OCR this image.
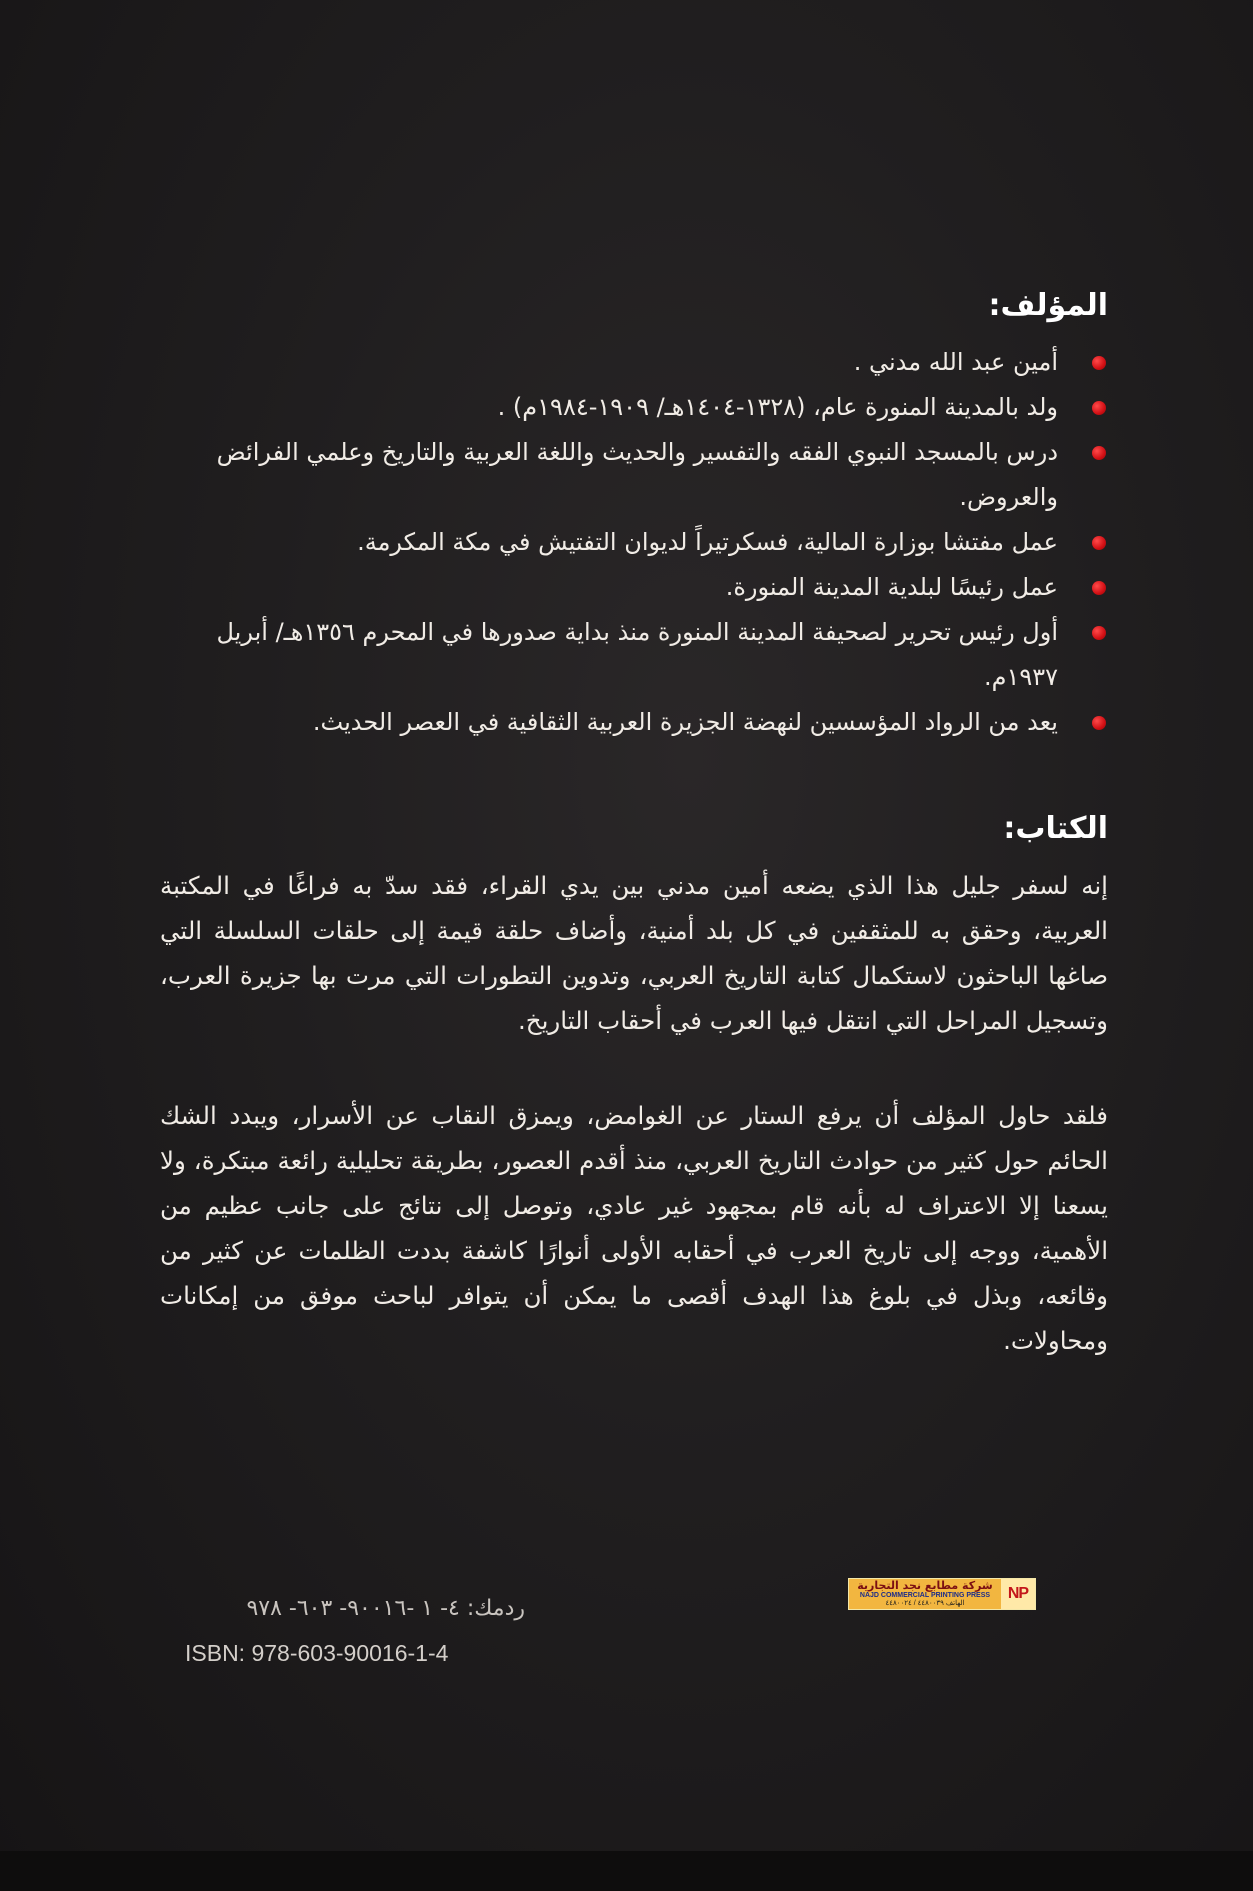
المؤلف:
أمين عبد الله مدني .
ولد بالمدينة المنورة عام، (١٣٢٨-١٤٠٤هـ/ ١٩٠٩-١٩٨٤م) .
درس بالمسجد النبوي الفقه والتفسير والحديث واللغة العربية والتاريخ وعلمي الفرائض والعروض.
عمل مفتشا بوزارة المالية، فسكرتيراً لديوان التفتيش في مكة المكرمة.
عمل رئيسًا لبلدية المدينة المنورة.
أول رئيس تحرير لصحيفة المدينة المنورة منذ بداية صدورها في المحرم ١٣٥٦هـ/ أبريل ١٩٣٧م.
يعد من الرواد المؤسسين لنهضة الجزيرة العربية الثقافية في العصر الحديث.
الكتاب:

إنه لسفر جليل هذا الذي يضعه أمين مدني بين يدي القراء، فقد سدّ به فراغًا في المكتبة العربية، وحقق به للمثقفين في كل بلد أمنية، وأضاف حلقة قيمة إلى حلقات السلسلة التي صاغها الباحثون لاستكمال كتابة التاريخ العربي، وتدوين التطورات التي مرت بها جزيرة العرب، وتسجيل المراحل التي انتقل فيها العرب في أحقاب التاريخ.

فلقد حاول المؤلف أن يرفع الستار عن الغوامض، ويمزق النقاب عن الأسرار، ويبدد الشك الحائم حول كثير من حوادث التاريخ العربي، منذ أقدم العصور، بطريقة تحليلية رائعة مبتكرة، ولا يسعنا إلا الاعتراف له بأنه قام بمجهود غير عادي، وتوصل إلى نتائج على جانب عظيم من الأهمية، ووجه إلى تاريخ العرب في أحقابه الأولى أنوارًا كاشفة بددت الظلمات عن كثير من وقائعه، وبذل في بلوغ هذا الهدف أقصى ما يمكن أن يتوافر لباحث موفق من إمكانات ومحاولات.

ردمك: ٤- ١ -٩٠٠١٦- ٦٠٣- ٩٧٨
ISBN: 978-603-90016-1-4
شركة مطابع نجد التجارية
NAJD COMMERCIAL PRINTING PRESS
الهاتف ٤٤٨٠٠٣٩ / ٤٤٨٠٠٢٤
NP
